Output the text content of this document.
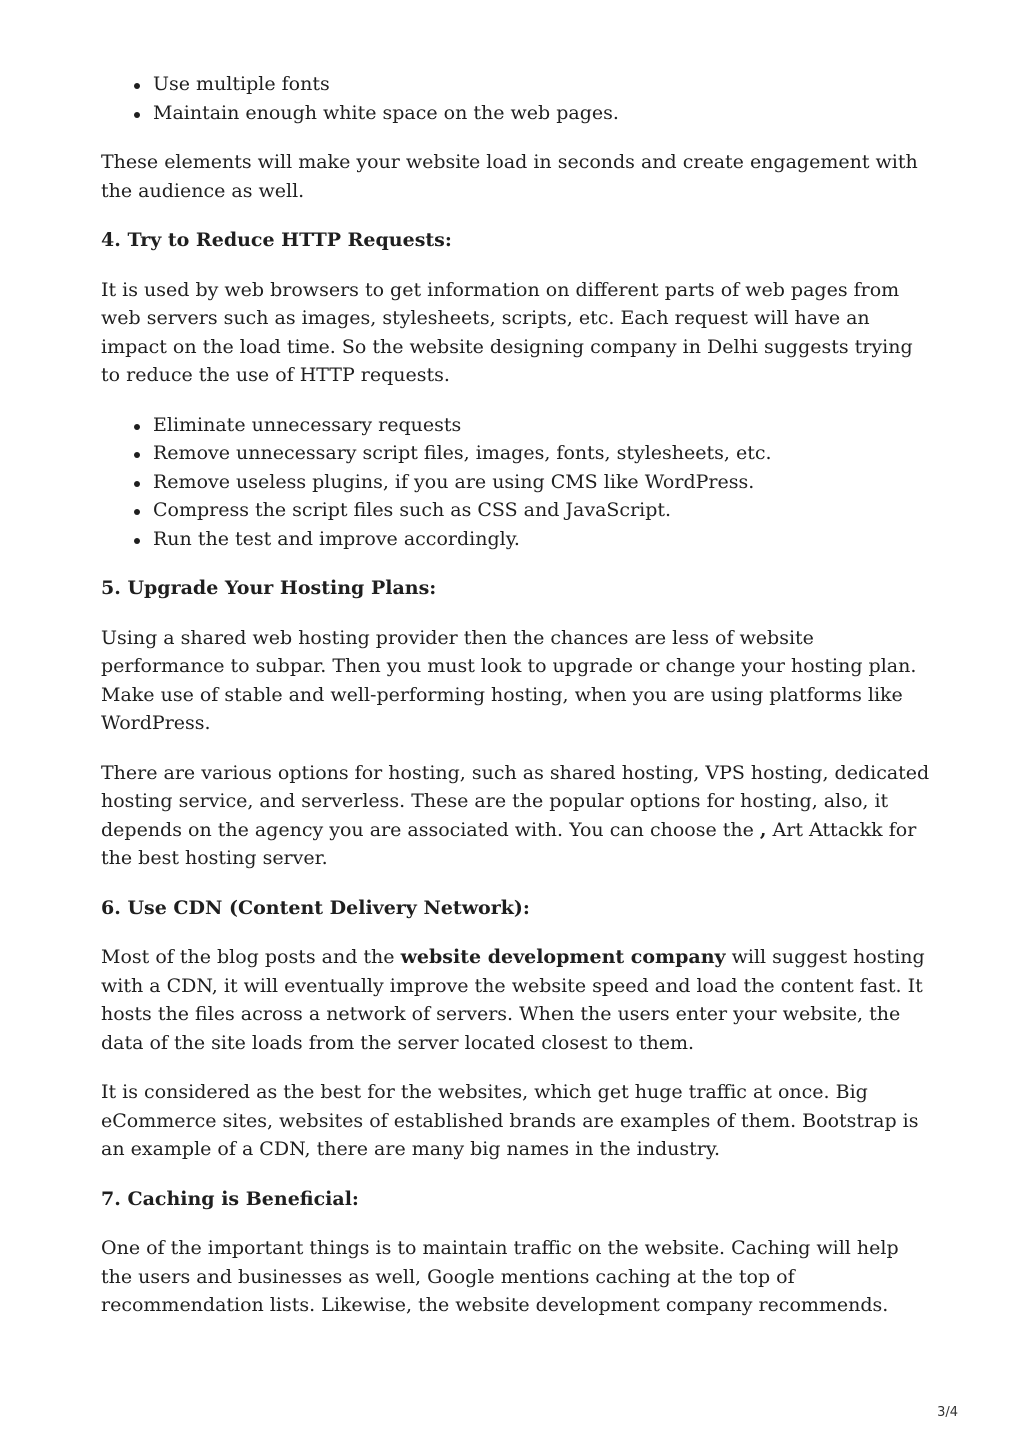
Use multiple fonts
Maintain enough white space on the web pages.

These elements will make your website load in seconds and create engagement with the audience as well.

4. Try to Reduce HTTP Requests:

It is used by web browsers to get information on different parts of web pages from web servers such as images, stylesheets, scripts, etc. Each request will have an impact on the load time. So the website designing company in Delhi suggests trying to reduce the use of HTTP requests.

Eliminate unnecessary requests
Remove unnecessary script files, images, fonts, stylesheets, etc.
Remove useless plugins, if you are using CMS like WordPress.
Compress the script files such as CSS and JavaScript.
Run the test and improve accordingly.
5. Upgrade Your Hosting Plans:

Using a shared web hosting provider then the chances are less of website performance to subpar. Then you must look to upgrade or change your hosting plan. Make use of stable and well-performing hosting, when you are using platforms like WordPress.

There are various options for hosting, such as shared hosting, VPS hosting, dedicated hosting service, and serverless. These are the popular options for hosting, also, it depends on the agency you are associated with. You can choose the , Art Attackk for the best hosting server.

6. Use CDN (Content Delivery Network):

Most of the blog posts and the website development company will suggest hosting with a CDN, it will eventually improve the website speed and load the content fast. It hosts the files across a network of servers. When the users enter your website, the data of the site loads from the server located closest to them.

It is considered as the best for the websites, which get huge traffic at once. Big eCommerce sites, websites of established brands are examples of them. Bootstrap is an example of a CDN, there are many big names in the industry.

7. Caching is Beneficial:

One of the important things is to maintain traffic on the website. Caching will help the users and businesses as well, Google mentions caching at the top of recommendation lists. Likewise, the website development company recommends.

3/4
